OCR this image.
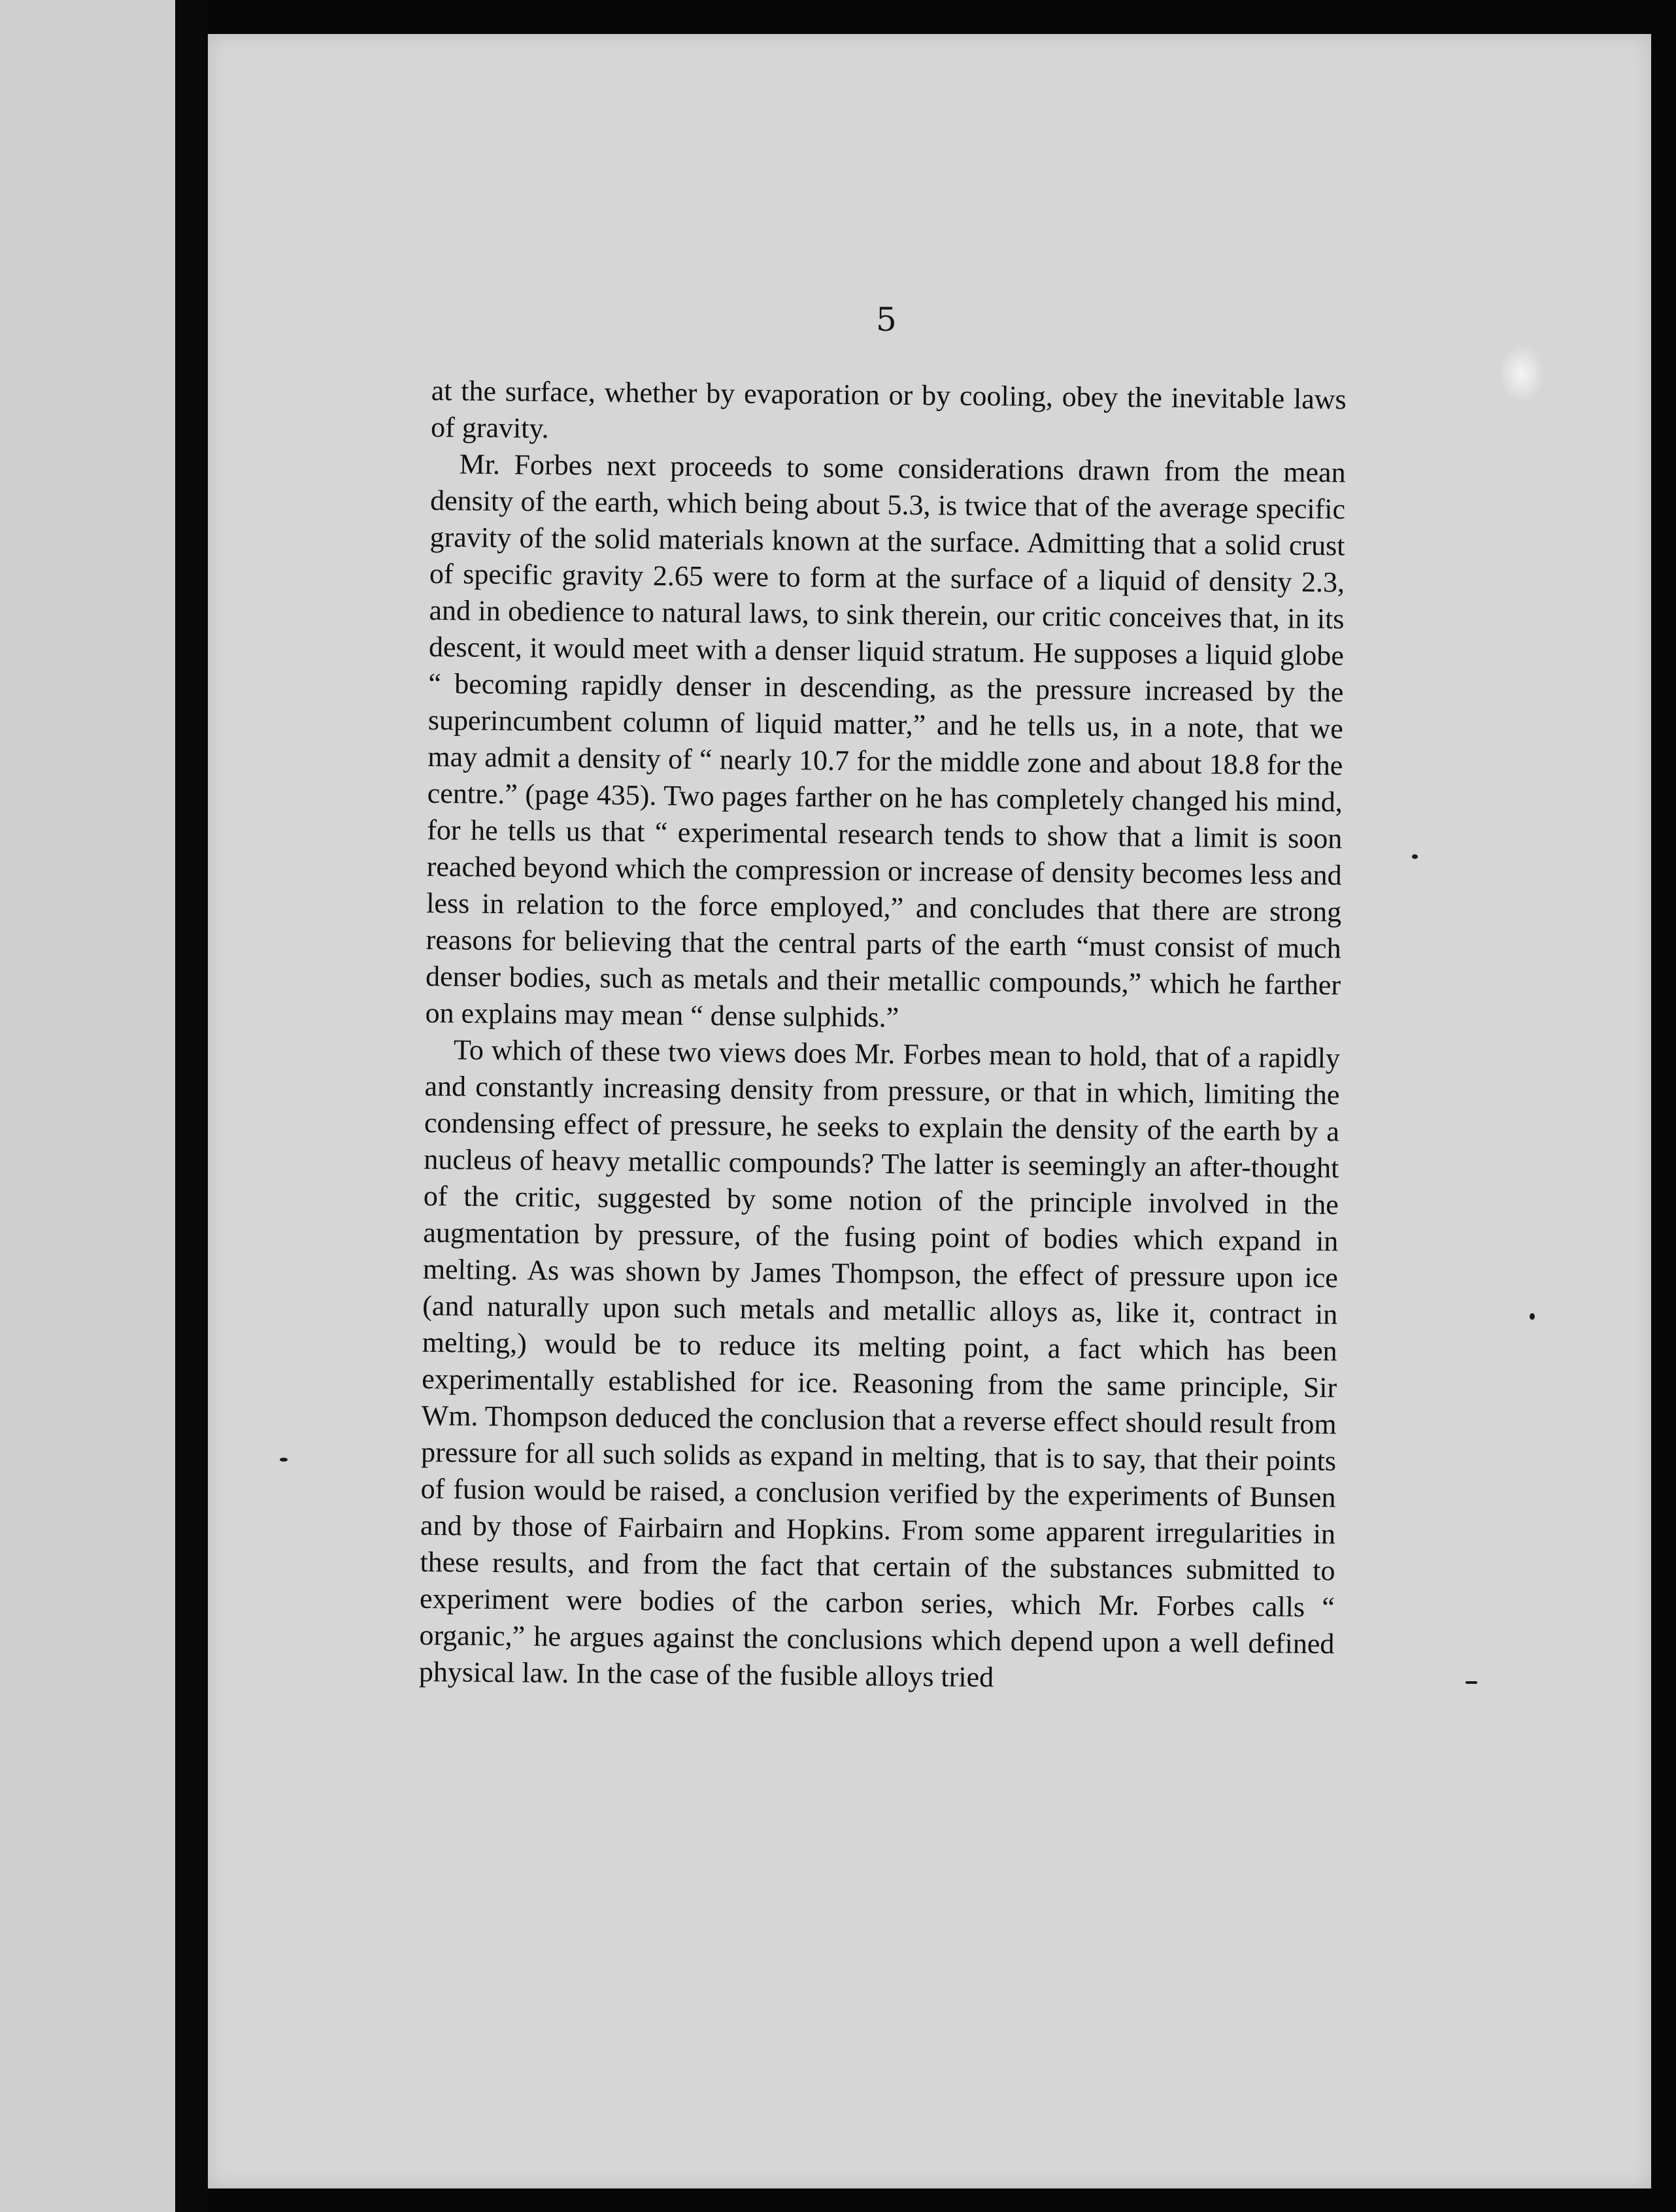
5

at the surface, whether by evaporation or by cooling, obey the inevitable laws of gravity.

Mr. Forbes next proceeds to some considerations drawn from the mean density of the earth, which being about 5.3, is twice that of the average specific gravity of the solid materials known at the surface. Admitting that a solid crust of specific gravity 2.65 were to form at the surface of a liquid of density 2.3, and in obedience to natural laws, to sink therein, our critic conceives that, in its descent, it would meet with a denser liquid stratum. He supposes a liquid globe “ becoming rapidly denser in descending, as the pressure increased by the superincumbent column of liquid matter,” and he tells us, in a note, that we may admit a density of “ nearly 10.7 for the middle zone and about 18.8 for the centre.” (page 435). Two pages farther on he has completely changed his mind, for he tells us that “ experimental research tends to show that a limit is soon reached beyond which the compression or increase of density becomes less and less in relation to the force employed,” and concludes that there are strong reasons for believing that the central parts of the earth “must consist of much denser bodies, such as metals and their metallic compounds,” which he farther on explains may mean “ dense sulphids.”

To which of these two views does Mr. Forbes mean to hold, that of a rapidly and constantly increasing density from pressure, or that in which, limiting the condensing effect of pressure, he seeks to explain the density of the earth by a nucleus of heavy metallic compounds? The latter is seemingly an after-thought of the critic, suggested by some notion of the principle involved in the augmentation by pressure, of the fusing point of bodies which expand in melting. As was shown by James Thompson, the effect of pressure upon ice (and naturally upon such metals and metallic alloys as, like it, contract in melting,) would be to reduce its melting point, a fact which has been experimentally established for ice. Reasoning from the same principle, Sir Wm. Thompson deduced the conclusion that a reverse effect should result from pressure for all such solids as expand in melting, that is to say, that their points of fusion would be raised, a conclusion verified by the experiments of Bunsen and by those of Fairbairn and Hopkins. From some apparent irregularities in these results, and from the fact that certain of the substances submitted to experiment were bodies of the carbon series, which Mr. Forbes calls “ organic,” he argues against the conclusions which depend upon a well defined physical law. In the case of the fusible alloys tried
